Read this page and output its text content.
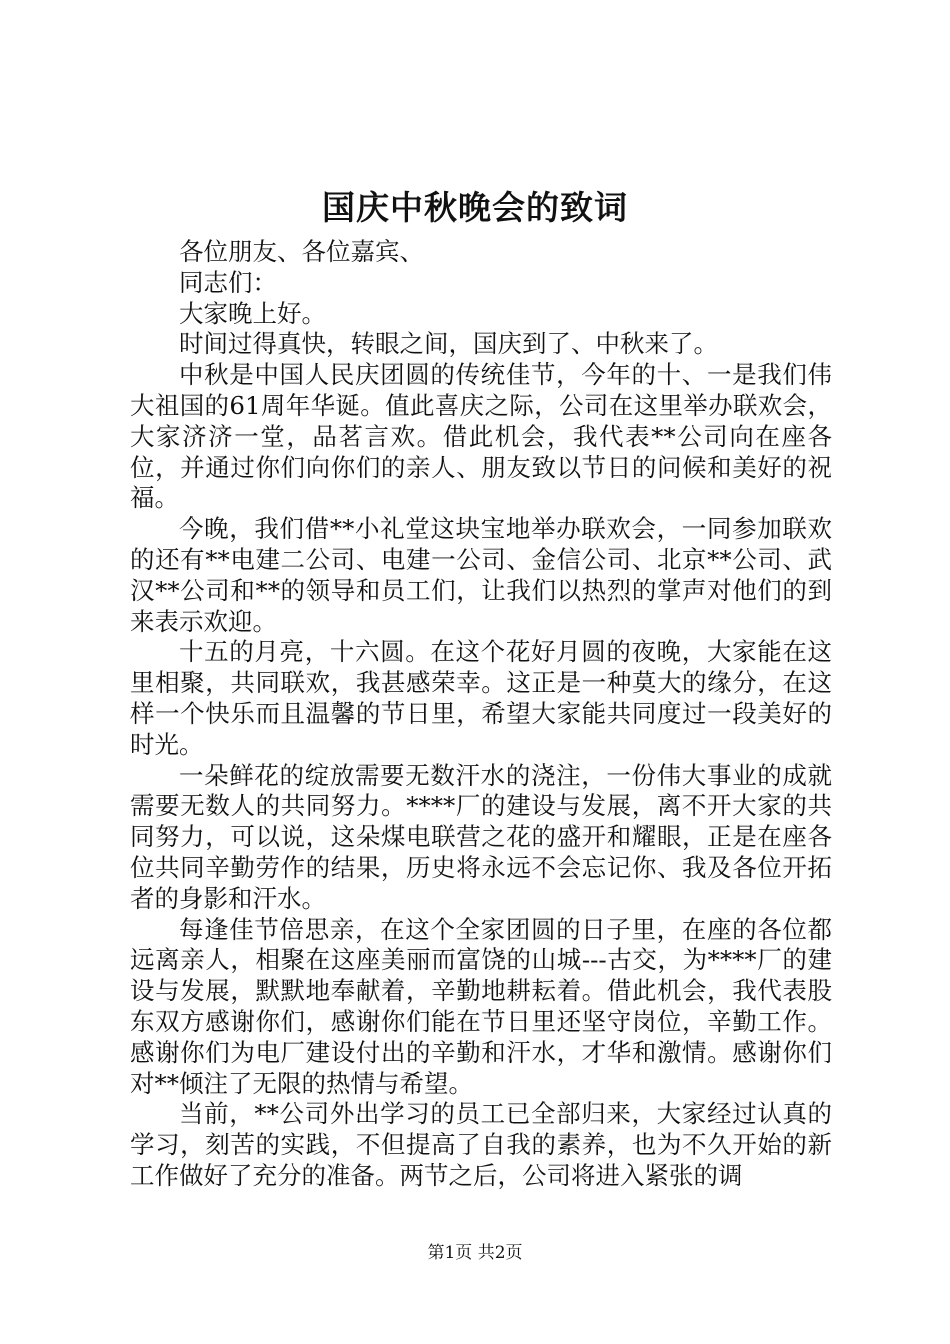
国庆中秋晚会的致词

各位朋友、各位嘉宾、

同志们：

大家晚上好。

时间过得真快，转眼之间，国庆到了、中秋来了。

中秋是中国人民庆团圆的传统佳节，今年的十、一是我们伟大祖国的61周年华诞。值此喜庆之际，公司在这里举办联欢会，大家济济一堂，品茗言欢。借此机会，我代表**公司向在座各位，并通过你们向你们的亲人、朋友致以节日的问候和美好的祝福。

今晚，我们借**小礼堂这块宝地举办联欢会，一同参加联欢的还有**电建二公司、电建一公司、金信公司、北京**公司、武汉**公司和**的领导和员工们，让我们以热烈的掌声对他们的到来表示欢迎。

十五的月亮，十六圆。在这个花好月圆的夜晚，大家能在这里相聚，共同联欢，我甚感荣幸。这正是一种莫大的缘分，在这样一个快乐而且温馨的节日里，希望大家能共同度过一段美好的时光。

一朵鲜花的绽放需要无数汗水的浇注，一份伟大事业的成就需要无数人的共同努力。****厂的建设与发展，离不开大家的共同努力，可以说，这朵煤电联营之花的盛开和耀眼，正是在座各位共同辛勤劳作的结果，历史将永远不会忘记你、我及各位开拓者的身影和汗水。

每逢佳节倍思亲，在这个全家团圆的日子里，在座的各位都远离亲人，相聚在这座美丽而富饶的山城---古交，为****厂的建设与发展，默默地奉献着，辛勤地耕耘着。借此机会，我代表股东双方感谢你们，感谢你们能在节日里还坚守岗位，辛勤工作。感谢你们为电厂建设付出的辛勤和汗水，才华和激情。感谢你们对**倾注了无限的热情与希望。

当前，**公司外出学习的员工已全部归来，大家经过认真的学习，刻苦的实践，不但提高了自我的素养，也为不久开始的新工作做好了充分的准备。两节之后，公司将进入紧张的调

第1页 共2页
